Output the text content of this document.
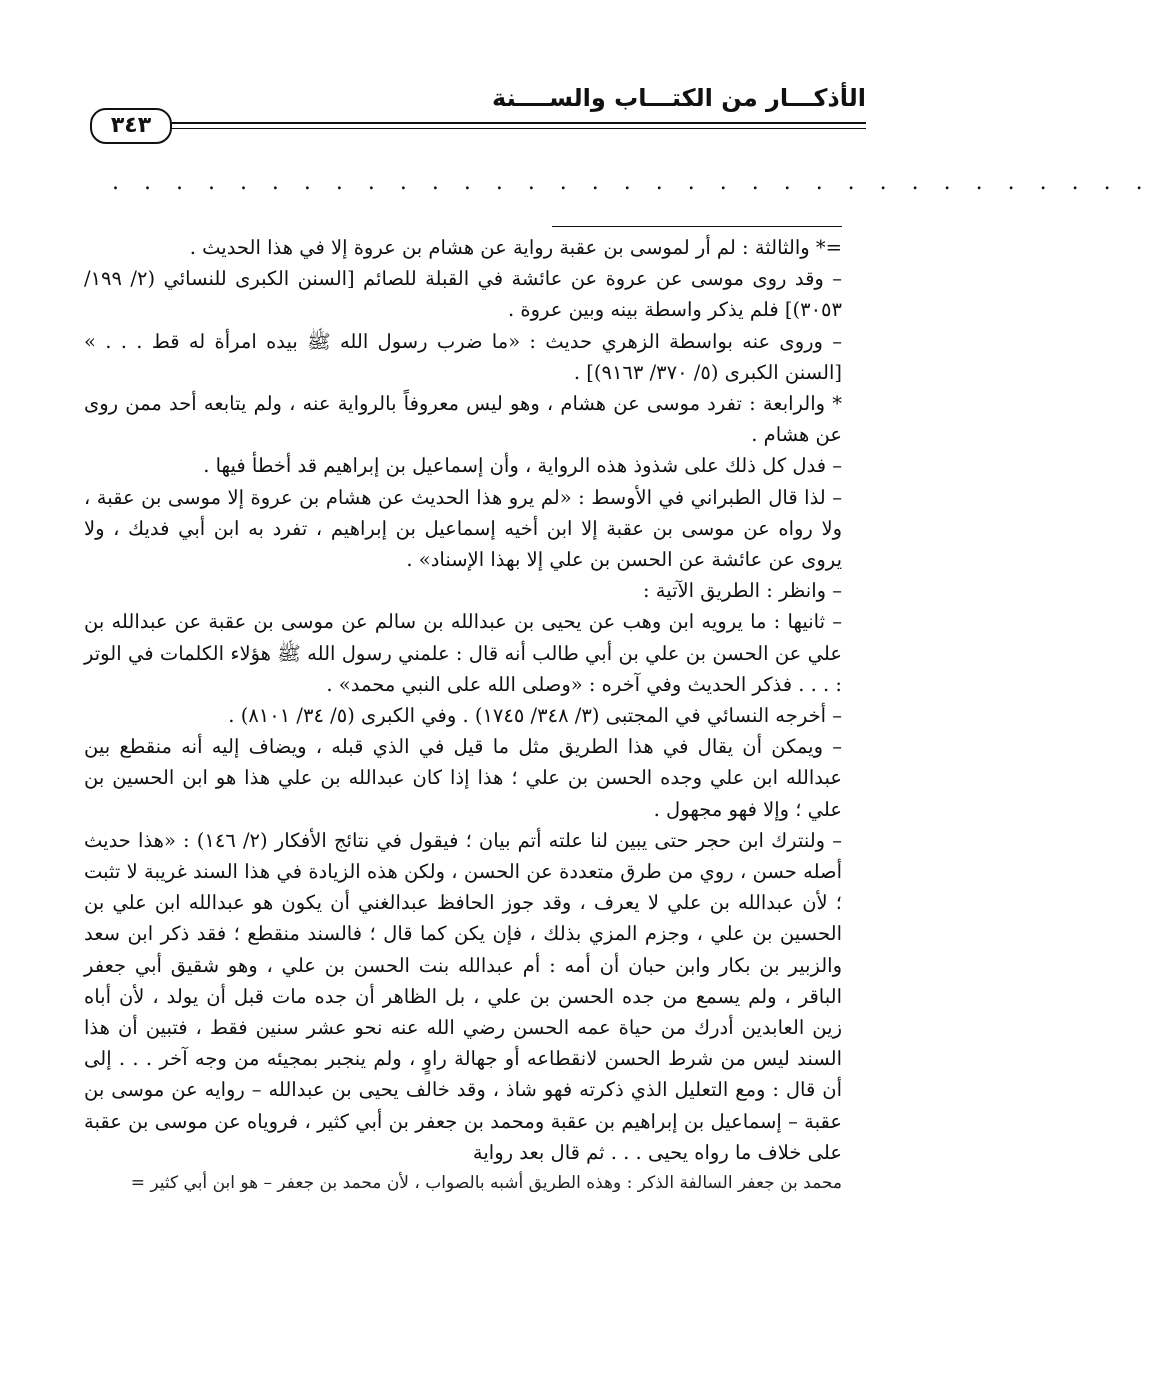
الأذكـــار من الكتـــاب والســــنة
٣٤٣
. . . . . . . . . . . . . . . . . . . . . . . . . . . . . . . . .

=* والثالثة : لم أر لموسى بن عقبة رواية عن هشام بن عروة إلا في هذا الحديث .

– وقد روى موسى عن عروة عن عائشة في القبلة للصائم [السنن الكبرى للنسائي (٢/ ١٩٩/ ٣٠٥٣)] فلم يذكر واسطة بينه وبين عروة .

– وروى عنه بواسطة الزهري حديث : «ما ضرب رسول الله ﷺ بيده امرأة له قط . . . » [السنن الكبرى (٥/ ٣٧٠/ ٩١٦٣)] .

* والرابعة : تفرد موسى عن هشام ، وهو ليس معروفاً بالرواية عنه ، ولم يتابعه أحد ممن روى عن هشام .

– فدل كل ذلك على شذوذ هذه الرواية ، وأن إسماعيل بن إبراهيم قد أخطأ فيها .

– لذا قال الطبراني في الأوسط : «لم يرو هذا الحديث عن هشام بن عروة إلا موسى بن عقبة ، ولا رواه عن موسى بن عقبة إلا ابن أخيه إسماعيل بن إبراهيم ، تفرد به ابن أبي فديك ، ولا يروى عن عائشة عن الحسن بن علي إلا بهذا الإسناد» .

– وانظر : الطريق الآتية :

– ثانيها : ما يرويه ابن وهب عن يحيى بن عبدالله بن سالم عن موسى بن عقبة عن عبدالله بن علي عن الحسن بن علي بن أبي طالب أنه قال : علمني رسول الله ﷺ هؤلاء الكلمات في الوتر : . . . فذكر الحديث وفي آخره : «وصلى الله على النبي محمد» .

– أخرجه النسائي في المجتبى (٣/ ٣٤٨/ ١٧٤٥) . وفي الكبرى (٥/ ٣٤/ ٨١٠١) .

– ويمكن أن يقال في هذا الطريق مثل ما قيل في الذي قبله ، ويضاف إليه أنه منقطع بين عبدالله ابن علي وجده الحسن بن علي ؛ هذا إذا كان عبدالله بن علي هذا هو ابن الحسين بن علي ؛ وإلا فهو مجهول .

– ولنترك ابن حجر حتى يبين لنا علته أتم بيان ؛ فيقول في نتائج الأفكار (٢/ ١٤٦) : «هذا حديث أصله حسن ، روي من طرق متعددة عن الحسن ، ولكن هذه الزيادة في هذا السند غريبة لا تثبت ؛ لأن عبدالله بن علي لا يعرف ، وقد جوز الحافظ عبدالغني أن يكون هو عبدالله ابن علي بن الحسين بن علي ، وجزم المزي بذلك ، فإن يكن كما قال ؛ فالسند منقطع ؛ فقد ذكر ابن سعد والزبير بن بكار وابن حبان أن أمه : أم عبدالله بنت الحسن بن علي ، وهو شقيق أبي جعفر الباقر ، ولم يسمع من جده الحسن بن علي ، بل الظاهر أن جده مات قبل أن يولد ، لأن أباه زين العابدين أدرك من حياة عمه الحسن رضي الله عنه نحو عشر سنين فقط ، فتبين أن هذا السند ليس من شرط الحسن لانقطاعه أو جهالة راوٍ ، ولم ينجبر بمجيئه من وجه آخر . . . إلى أن قال : ومع التعليل الذي ذكرته فهو شاذ ، وقد خالف يحيى بن عبدالله – روايه عن موسى بن عقبة – إسماعيل بن إبراهيم بن عقبة ومحمد بن جعفر بن أبي كثير ، فروياه عن موسى بن عقبة على خلاف ما رواه يحيى . . . ثم قال بعد رواية

محمد بن جعفر السالفة الذكر : وهذه الطريق أشبه بالصواب ، لأن محمد بن جعفر – هو ابن أبي كثير =
